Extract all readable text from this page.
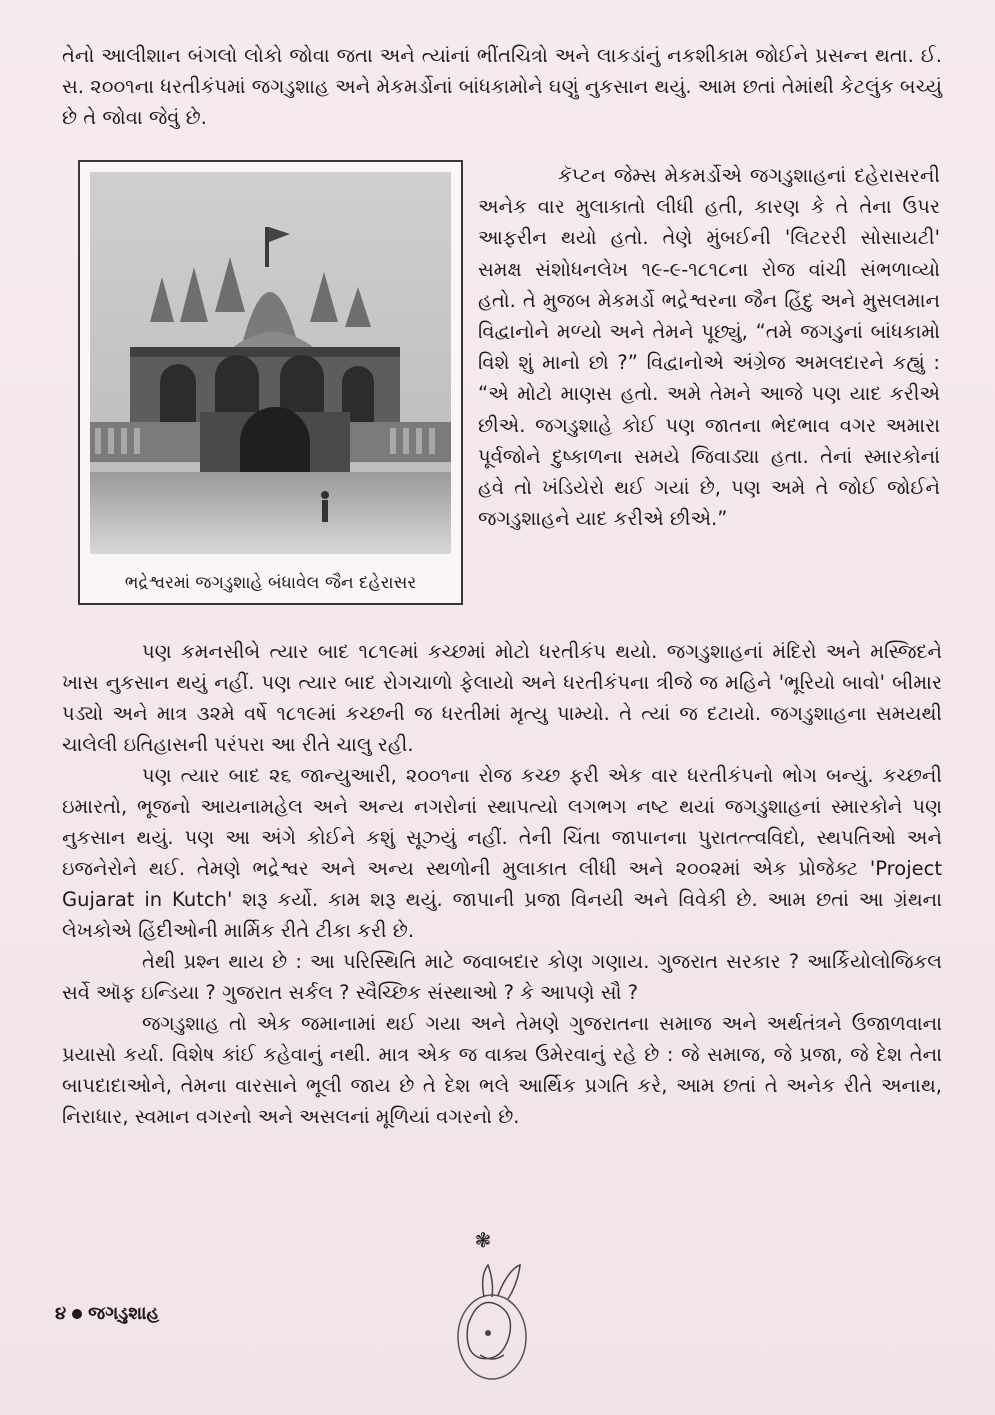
તેનો આલીશાન બંગલો લોકો જોવા જતા અને ત્યાંનાં ભીંતચિત્રો અને લાકડાંનું નકશીકામ જોઈને પ્રસન્ન થતા. ઈ. સ. ૨૦૦૧ના ધરતીકંપમાં જગડુશાહ અને મેકમર્ડોનાં બાંધકામોને ઘણું નુકસાન થયું. આમ છતાં તેમાંથી કેટલુંક બચ્યું છે તે જોવા જેવું છે.

ભદ્રેશ્વરમાં જગડુશાહે બંધાવેલ જૈન દહેરાસર

કૅપ્ટન જેમ્સ મેકમર્ડોએ જગડુશાહનાં દહેરાસરની અનેક વાર મુલાકાતો લીધી હતી, કારણ કે તે તેના ઉપર આફરીન થયો હતો. તેણે મુંબઈની 'લિટરરી સોસાયટી' સમક્ષ સંશોધનલેખ ૧૯-૯-૧૮૧૮ના રોજ વાંચી સંભળાવ્યો હતો. તે મુજબ મેકમર્ડો ભદ્રેશ્વરના જૈન હિંદુ અને મુસલમાન વિદ્વાનોને મળ્યો અને તેમને પૂછ્યું, “તમે જગડુનાં બાંધકામો વિશે શું માનો છો ?” વિદ્વાનોએ અંગ્રેજ અમલદારને કહ્યું : “એ મોટો માણસ હતો. અમે તેમને આજે પણ યાદ કરીએ છીએ. જગડુશાહે કોઈ પણ જાતના ભેદભાવ વગર અમારા પૂર્વજોને દુષ્કાળના સમયે જિવાડ્યા હતા. તેનાં સ્મારકોનાં હવે તો ખંડિયેરો થઈ ગયાં છે, પણ અમે તે જોઈ જોઈને જગડુશાહને યાદ કરીએ છીએ.”

પણ કમનસીબે ત્યાર બાદ ૧૮૧૯માં કચ્છમાં મોટો ધરતીકંપ થયો. જગડુશાહનાં મંદિરો અને મસ્જિદને ખાસ નુકસાન થયું નહીં. પણ ત્યાર બાદ રોગચાળો ફેલાયો અને ધરતીકંપના ત્રીજે જ મહિને 'ભૂરિયો બાવો' બીમાર પડ્યો અને માત્ર ૩૨મે વર્ષે ૧૮૧૯માં કચ્છની જ ધરતીમાં મૃત્યુ પામ્યો. તે ત્યાં જ દટાયો. જગડુશાહના સમયથી ચાલેલી ઇતિહાસની પરંપરા આ રીતે ચાલુ રહી.

પણ ત્યાર બાદ ૨૬ જાન્યુઆરી, ૨૦૦૧ના રોજ કચ્છ ફરી એક વાર ધરતીકંપનો ભોગ બન્યું. કચ્છની ઇમારતો, ભૂજનો આયનામહેલ અને અન્ય નગરોનાં સ્થાપત્યો લગભગ નષ્ટ થયાં જગડુશાહનાં સ્મારકોને પણ નુકસાન થયું. પણ આ અંગે કોઈને કશું સૂઝ્યું નહીં. તેની ચિંતા જાપાનના પુરાતત્ત્વવિદો, સ્થપતિઓ અને ઇજનેરોને થઈ. તેમણે ભદ્રેશ્વર અને અન્ય સ્થળોની મુલાકાત લીધી અને ૨૦૦૨માં એક પ્રોજેક્ટ 'Project Gujarat in Kutch' શરૂ કર્યો. કામ શરૂ થયું. જાપાની પ્રજા વિનયી અને વિવેકી છે. આમ છતાં આ ગ્રંથના લેખકોએ હિંદીઓની માર્મિક રીતે ટીકા કરી છે.

તેથી પ્રશ્ન થાય છે : આ પરિસ્થિતિ માટે જવાબદાર કોણ ગણાય. ગુજરાત સરકાર ? આર્કિયોલોજિકલ સર્વે ઑફ ઇન્ડિયા ? ગુજરાત સર્કલ ? સ્વૈચ્છિક સંસ્થાઓ ? કે આપણે સૌ ?

જગડુશાહ તો એક જમાનામાં થઈ ગયા અને તેમણે ગુજરાતના સમાજ અને અર્થતંત્રને ઉજાળવાના પ્રયાસો કર્યા. વિશેષ કાંઈ કહેવાનું નથી. માત્ર એક જ વાક્ય ઉમેરવાનું રહે છે : જે સમાજ, જે પ્રજા, જે દેશ તેના બાપદાદાઓને, તેમના વારસાને ભૂલી જાય છે તે દેશ ભલે આર્થિક પ્રગતિ કરે, આમ છતાં તે અનેક રીતે અનાથ, નિરાધાર, સ્વમાન વગરનો અને અસલનાં મૂળિયાં વગરનો છે.

❃
૪ જગડુશાહ
